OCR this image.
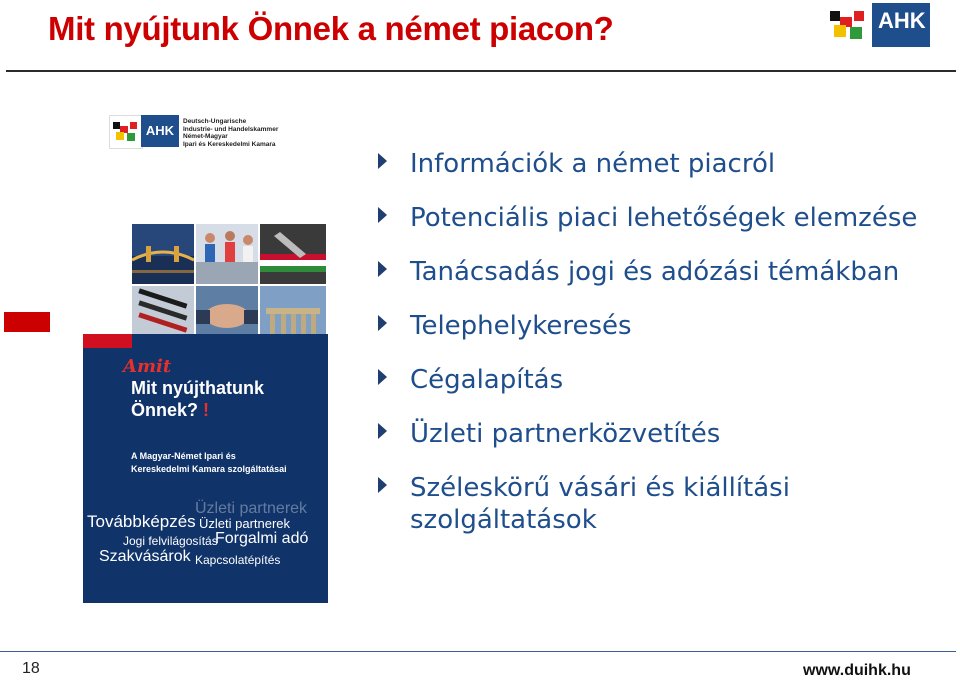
Mit nyújtunk Önnek a német piacon?	AHK
AHK
Deutsch-Ungarische
Industrie- und Handelskammer
Német-Magyar
Ipari és Kereskedelmi Kamara
Amit
Mit nyújthatunk
Önnek? !
A Magyar-Német Ipari és
Kereskedelmi Kamara szolgáltatásai
Üzleti partnerek
Továbbképzés Üzleti partnerek
Jogi felvilágosítás
Forgalmi adó
Szakvásárok Kapcsolatépítés
Információk a német piacról
Potenciális piaci lehetőségek elemzése
Tanácsadás jogi és adózási témákban
Telephelykeresés
Cégalapítás
Üzleti partnerközvetítés
Széleskörű vásári és kiállítási
szolgáltatások
18	www.duihk.hu
